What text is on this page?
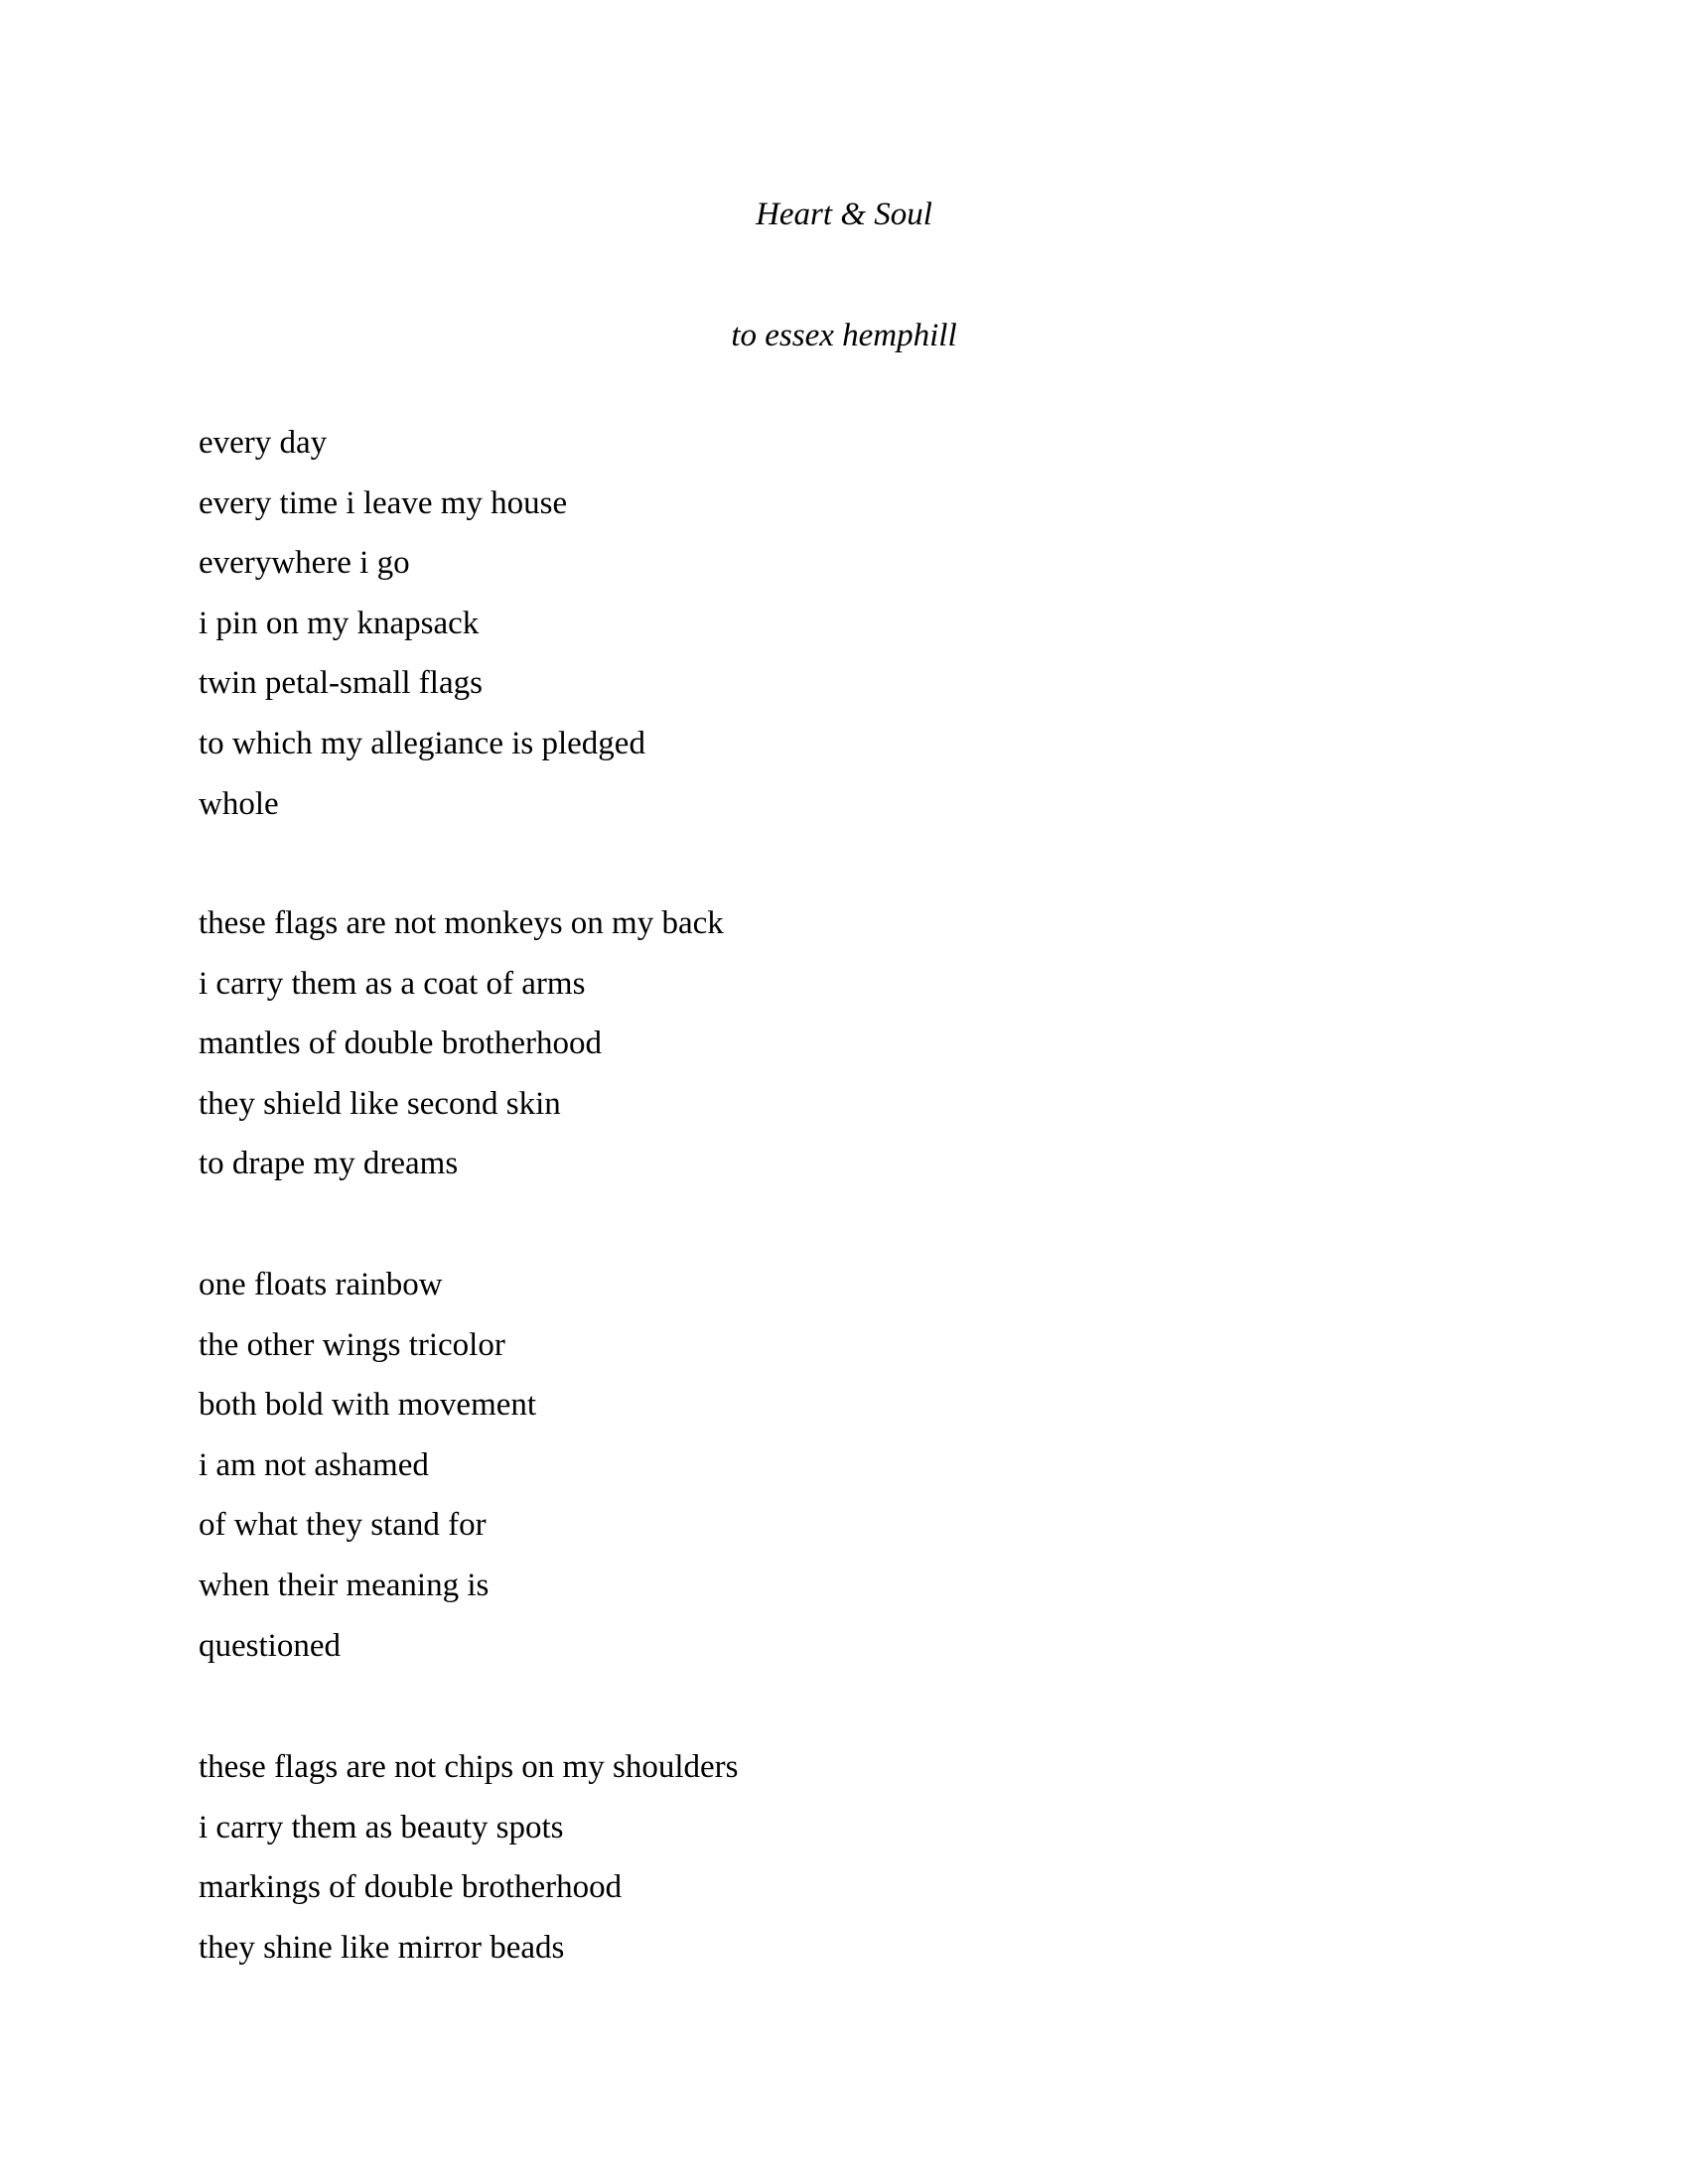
Heart & Soul
to essex hemphill
every day
every time i leave my house
everywhere i go
i pin on my knapsack
twin petal-small flags
to which my allegiance is pledged
whole
these flags are not monkeys on my back
i carry them as a coat of arms
mantles of double brotherhood
they shield like second skin
to drape my dreams
one floats rainbow
the other wings tricolor
both bold with movement
i am not ashamed
of what they stand for
when their meaning is
questioned
these flags are not chips on my shoulders
i carry them as beauty spots
markings of double brotherhood
they shine like mirror beads
